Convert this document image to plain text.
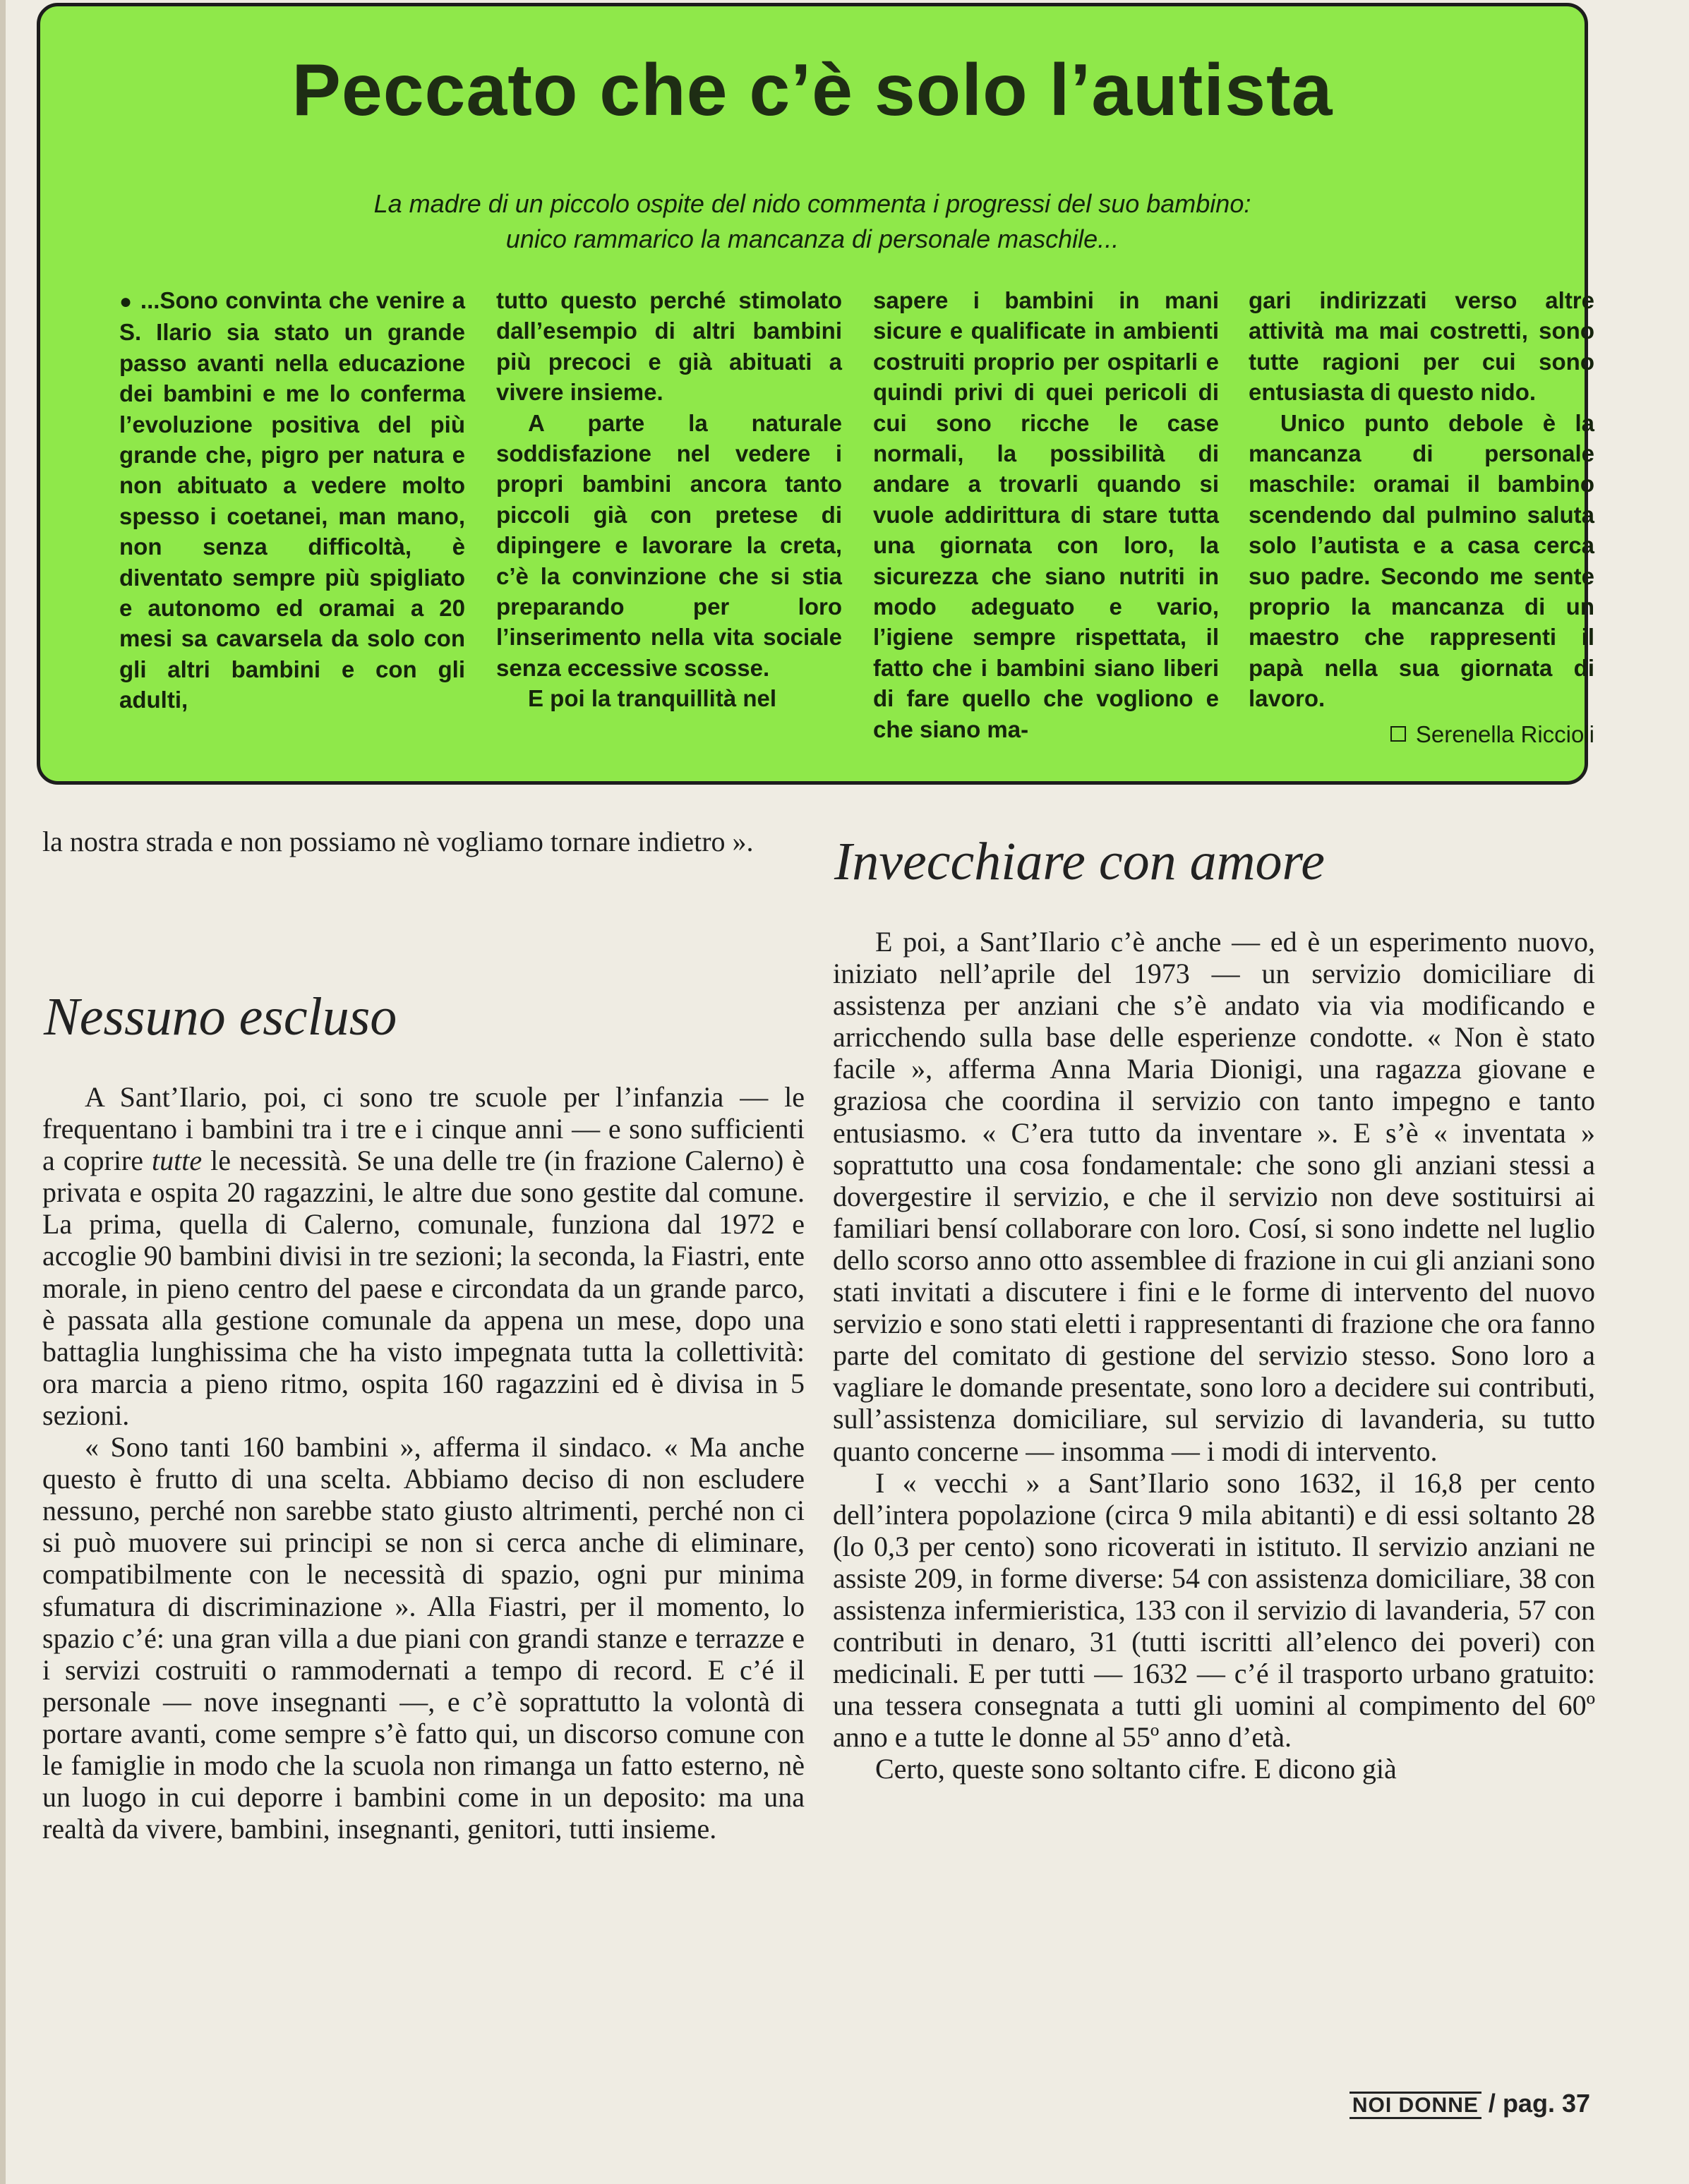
Peccato che c’è solo l’autista
La madre di un piccolo ospite del nido commenta i progressi del suo bambino:
unico rammarico la mancanza di personale maschile...

● ...Sono convinta che venire a S. Ilario sia stato un grande passo avanti nella educazione dei bambini e me lo conferma l’evoluzione positiva del più grande che, pigro per natura e non abituato a vedere molto spesso i coetanei, man mano, non senza difficoltà, è diventato sempre più spigliato e autonomo ed oramai a 20 mesi sa cavarsela da solo con gli altri bambini e con gli adulti,

tutto questo perché stimolato dall’esempio di altri bambini più precoci e già abituati a vivere insieme.

A parte la naturale soddisfazione nel vedere i propri bambini ancora tanto piccoli già con pretese di dipingere e lavorare la creta, c’è la convinzione che si stia preparando per loro l’inserimento nella vita sociale senza eccessive scosse.

E poi la tranquillità nel

sapere i bambini in mani sicure e qualificate in ambienti costruiti proprio per ospitarli e quindi privi di quei pericoli di cui sono ricche le case normali, la possibilità di andare a trovarli quando si vuole addirittura di stare tutta una giornata con loro, la sicurezza che siano nutriti in modo adeguato e vario, l’igiene sempre rispettata, il fatto che i bambini siano liberi di fare quello che vogliono e che siano ma-

gari indirizzati verso altre attività ma mai costretti, sono tutte ragioni per cui sono entusiasta di questo nido.

Unico punto debole è la mancanza di personale maschile: oramai il bambino scendendo dal pulmino saluta solo l’autista e a casa cerca suo padre. Secondo me sente proprio la mancanza di un maestro che rappresenti il papà nella sua giornata di lavoro.

Serenella Riccioli

la nostra strada e non possiamo nè vogliamo tornare indietro ».

Nessuno escluso

A Sant’Ilario, poi, ci sono tre scuole per l’infanzia — le frequentano i bambini tra i tre e i cinque anni — e sono sufficienti a coprire tutte le necessità. Se una delle tre (in frazione Calerno) è privata e ospita 20 ragazzini, le altre due sono gestite dal comune. La prima, quella di Calerno, comunale, funziona dal 1972 e accoglie 90 bambini divisi in tre sezioni; la seconda, la Fiastri, ente morale, in pieno centro del paese e circondata da un grande parco, è passata alla gestione comunale da appena un mese, dopo una battaglia lunghissima che ha visto impegnata tutta la collettività: ora marcia a pieno ritmo, ospita 160 ragazzini ed è divisa in 5 sezioni.

« Sono tanti 160 bambini », afferma il sindaco. « Ma anche questo è frutto di una scelta. Abbiamo deciso di non escludere nessuno, perché non sarebbe stato giusto altrimenti, perché non ci si può muovere sui principi se non si cerca anche di eliminare, compatibilmente con le necessità di spazio, ogni pur minima sfumatura di discriminazione ». Alla Fiastri, per il momento, lo spazio c’é: una gran villa a due piani con grandi stanze e terrazze e i servizi costruiti o rammodernati a tempo di record. E c’é il personale — nove insegnanti —, e c’è soprattutto la volontà di portare avanti, come sempre s’è fatto qui, un discorso comune con le famiglie in modo che la scuola non rimanga un fatto esterno, nè un luogo in cui deporre i bambini come in un deposito: ma una realtà da vivere, bambini, insegnanti, genitori, tutti insieme.

Invecchiare con amore

E poi, a Sant’Ilario c’è anche — ed è un esperimento nuovo, iniziato nell’aprile del 1973 — un servizio domiciliare di assistenza per anziani che s’è andato via via modificando e arricchendo sulla base delle esperienze condotte. « Non è stato facile », afferma Anna Maria Dionigi, una ragazza giovane e graziosa che coordina il servizio con tanto impegno e tanto entusiasmo. « C’era tutto da inventare ». E s’è « inventata » soprattutto una cosa fondamentale: che sono gli anziani stessi a dovergestire il servizio, e che il servizio non deve sostituirsi ai familiari bensí collaborare con loro. Cosí, si sono indette nel luglio dello scorso anno otto assemblee di frazione in cui gli anziani sono stati invitati a discutere i fini e le forme di intervento del nuovo servizio e sono stati eletti i rappresentanti di frazione che ora fanno parte del comitato di gestione del servizio stesso. Sono loro a vagliare le domande presentate, sono loro a decidere sui contributi, sull’assistenza domiciliare, sul servizio di lavanderia, su tutto quanto concerne — insomma — i modi di intervento.

I « vecchi » a Sant’Ilario sono 1632, il 16,8 per cento dell’intera popolazione (circa 9 mila abitanti) e di essi soltanto 28 (lo 0,3 per cento) sono ricoverati in istituto. Il servizio anziani ne assiste 209, in forme diverse: 54 con assistenza domiciliare, 38 con assistenza infermieristica, 133 con il servizio di lavanderia, 57 con contributi in denaro, 31 (tutti iscritti all’elenco dei poveri) con medicinali. E per tutti — 1632 — c’é il trasporto urbano gratuito: una tessera consegnata a tutti gli uomini al compimento del 60º anno e a tutte le donne al 55º anno d’età.

Certo, queste sono soltanto cifre. E dicono già

NOI DONNE / pag. 37
